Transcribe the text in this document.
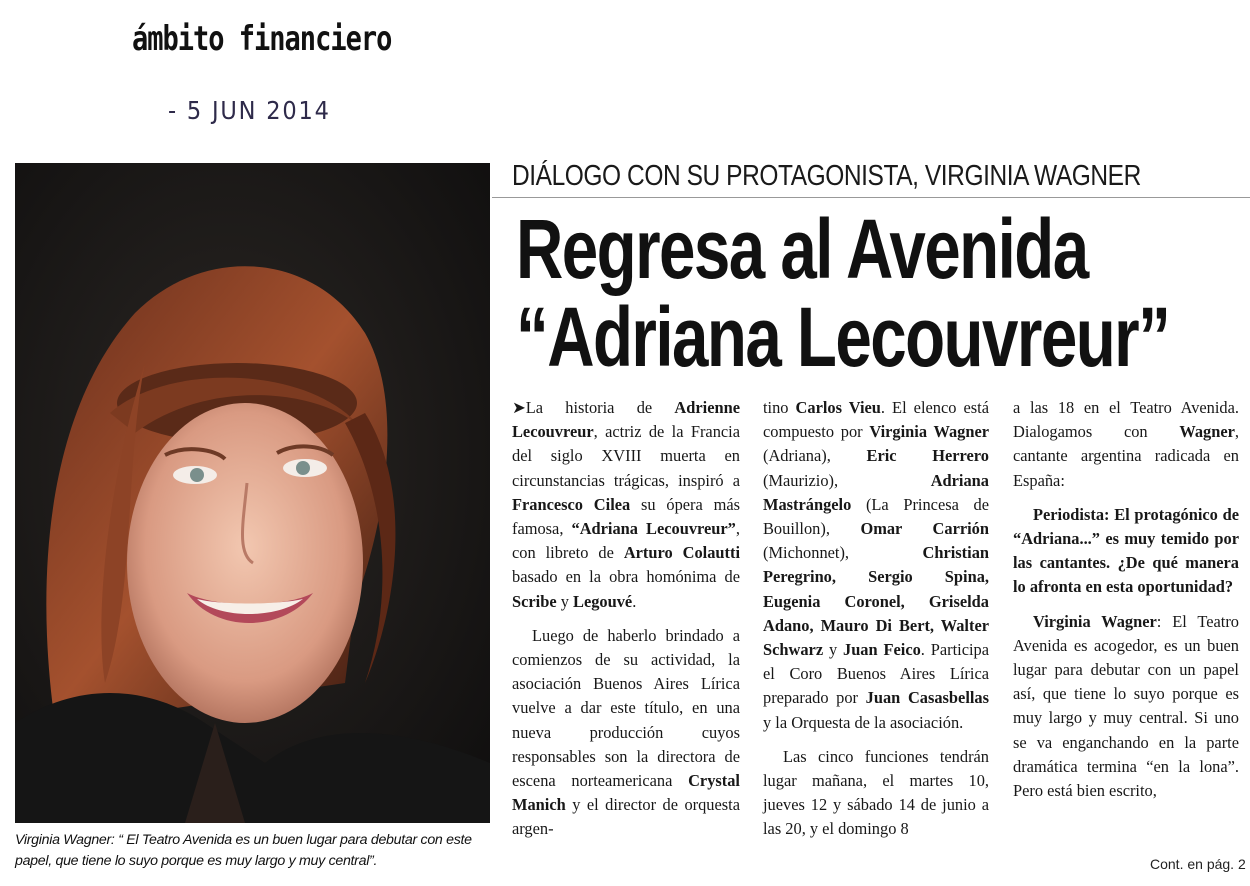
ámbito financiero
- 5 JUN 2014
Virginia Wagner: “ El Teatro Avenida es un buen lugar para debutar con este papel, que tiene lo suyo porque es muy largo y muy central”.
DIÁLOGO CON SU PROTAGONISTA, VIRGINIA WAGNER
Regresa al Avenida
“Adriana Lecouvreur”

➤La historia de Adrienne Lecouvreur, actriz de la Francia del siglo XVIII muerta en circunstancias trágicas, inspiró a Francesco Cilea su ópera más famosa, “Adriana Lecouvreur”, con libreto de Arturo Colautti basado en la obra homónima de Scribe y Legouvé.

Luego de haberlo brindado a comienzos de su actividad, la asociación Buenos Aires Lírica vuelve a dar este título, en una nueva producción cuyos responsables son la directora de escena norteamericana Crystal Manich y el director de orquesta argen-

tino Carlos Vieu. El elenco está compuesto por Virginia Wagner (Adriana), Eric Herrero (Maurizio), Adriana Mastrángelo (La Princesa de Bouillon), Omar Carrión (Michonnet), Christian Peregrino, Sergio Spina, Eugenia Coronel, Griselda Adano, Mauro Di Bert, Walter Schwarz y Juan Feico. Participa el Coro Buenos Aires Lírica preparado por Juan Casasbellas y la Orquesta de la asociación.

Las cinco funciones tendrán lugar mañana, el martes 10, jueves 12 y sábado 14 de junio a las 20, y el domingo 8

a las 18 en el Teatro Avenida. Dialogamos con Wagner, cantante argentina radicada en España:

Periodista: El protagónico de “Adriana...” es muy temido por las cantantes. ¿De qué manera lo afronta en esta oportunidad?

Virginia Wagner: El Teatro Avenida es acogedor, es un buen lugar para debutar con un papel así, que tiene lo suyo porque es muy largo y muy central. Si uno se va enganchando en la parte dramática termina “en la lona”. Pero está bien escrito,

Cont. en pág. 2
